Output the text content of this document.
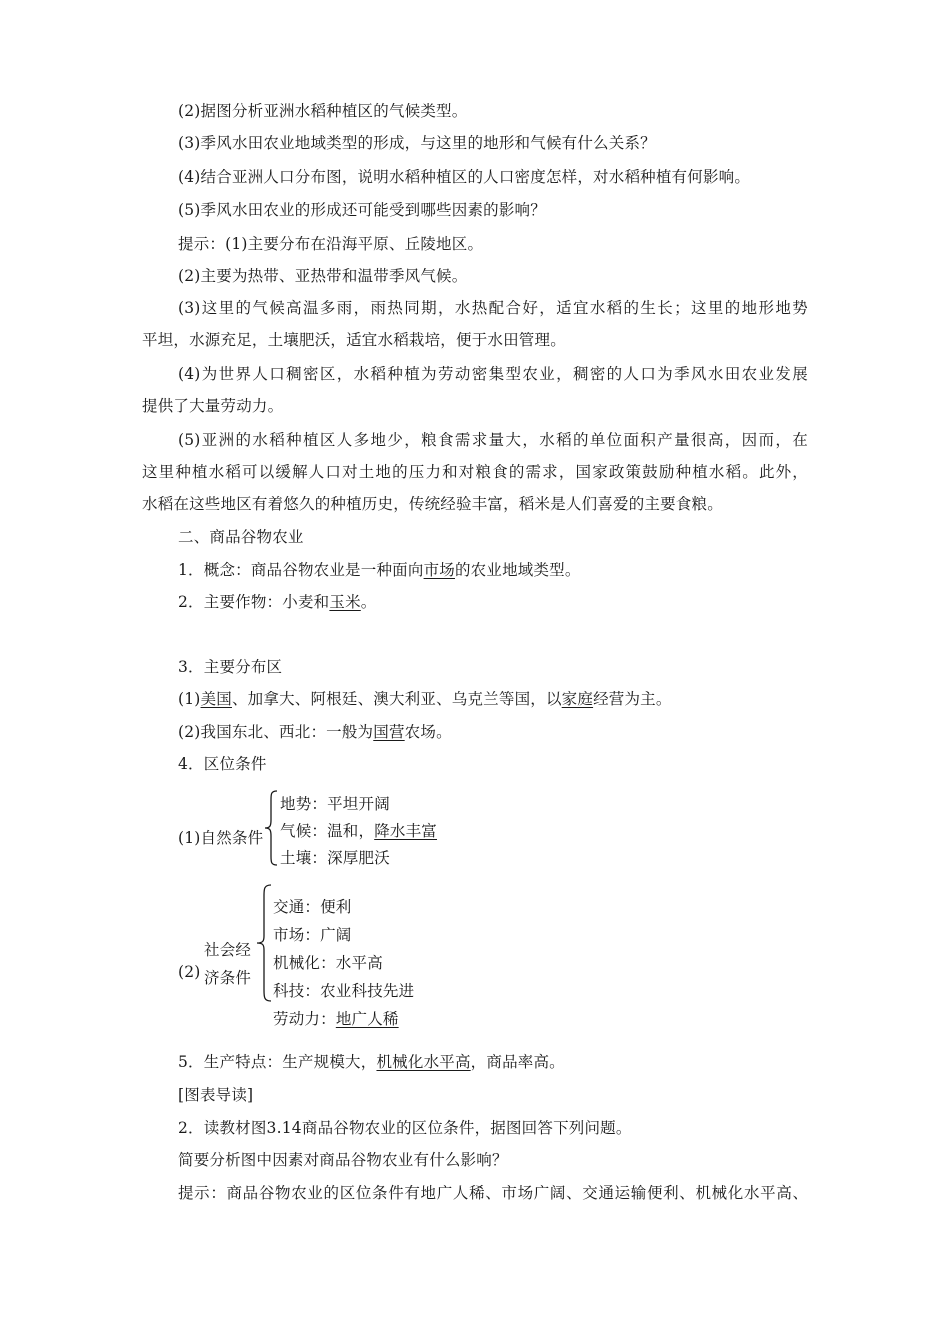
(2)据图分析亚洲水稻种植区的气候类型。
(3)季风水田农业地域类型的形成，与这里的地形和气候有什么关系？
(4)结合亚洲人口分布图，说明水稻种植区的人口密度怎样，对水稻种植有何影响。
(5)季风水田农业的形成还可能受到哪些因素的影响？
提示：(1)主要分布在沿海平原、丘陵地区。
(2)主要为热带、亚热带和温带季风气候。
(3)这里的气候高温多雨，雨热同期，水热配合好，适宜水稻的生长；这里的地形地势
平坦，水源充足，土壤肥沃，适宜水稻栽培，便于水田管理。
(4)为世界人口稠密区，水稻种植为劳动密集型农业，稠密的人口为季风水田农业发展
提供了大量劳动力。
(5)亚洲的水稻种植区人多地少，粮食需求量大，水稻的单位面积产量很高，因而，在
这里种植水稻可以缓解人口对土地的压力和对粮食的需求，国家政策鼓励种植水稻。此外，
水稻在这些地区有着悠久的种植历史，传统经验丰富，稻米是人们喜爱的主要食粮。
二、商品谷物农业
1．概念：商品谷物农业是一种面向市场的农业地域类型。
2．主要作物：小麦和玉米。
3．主要分布区
(1)美国、加拿大、阿根廷、澳大利亚、乌克兰等国，以家庭经营为主。
(2)我国东北、西北：一般为国营农场。
4．区位条件
(1)自然条件
地势：平坦开阔
气候：温和，降水丰富
土壤：深厚肥沃
(2)
社会经
济条件
交通：便利
市场：广阔
机械化：水平高
科技：农业科技先进
劳动力：地广人稀
5．生产特点：生产规模大，机械化水平高，商品率高。
[图表导读]
2．读教材图3.14商品谷物农业的区位条件，据图回答下列问题。
简要分析图中因素对商品谷物农业有什么影响？
提示：商品谷物农业的区位条件有地广人稀、市场广阔、交通运输便利、机械化水平高、
